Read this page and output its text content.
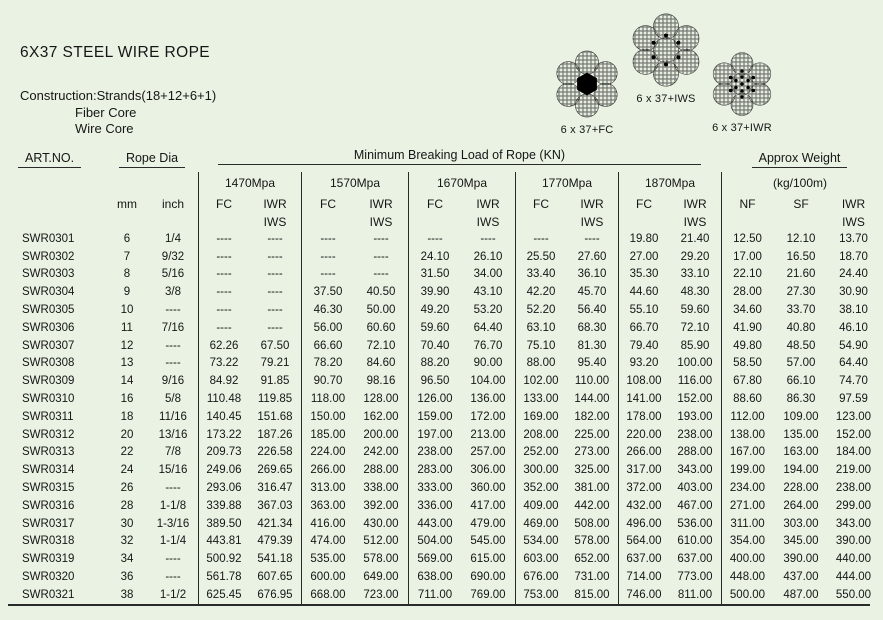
6X37 STEEL WIRE ROPE
Construction:Strands(18+12+6+1)
Fiber Core
Wire Core	6 x 37+FC
6 x 37+IWS
6 x 37+IWR
ART.NO.	Rope Dia	Minimum Breaking Load of Rope (KN)	Approx Weight
1470Mpa	1570Mpa	1670Mpa	1770Mpa	1870Mpa	(kg/100m)
mm	inch	FC	IWR	FC	IWR	FC	IWR	FC	IWR	FC	IWR	NF	SF	IWR
IWS	IWS	IWS	IWS	IWS	IWS
SWR0301	6	1/4	----	----	----	----	----	----	----	----	19.80	21.40	12.50	12.10	13.70
SWR0302	7	9/32	----	----	----	----	24.10	26.10	25.50	27.60	27.00	29.20	17.00	16.50	18.70
SWR0303	8	5/16	----	----	----	----	31.50	34.00	33.40	36.10	35.30	33.10	22.10	21.60	24.40
SWR0304	9	3/8	----	----	37.50	40.50	39.90	43.10	42.20	45.70	44.60	48.30	28.00	27.30	30.90
SWR0305	10	----	----	----	46.30	50.00	49.20	53.20	52.20	56.40	55.10	59.60	34.60	33.70	38.10
SWR0306	11	7/16	----	----	56.00	60.60	59.60	64.40	63.10	68.30	66.70	72.10	41.90	40.80	46.10
SWR0307	12	----	62.26	67.50	66.60	72.10	70.40	76.70	75.10	81.30	79.40	85.90	49.80	48.50	54.90
SWR0308	13	----	73.22	79.21	78.20	84.60	88.20	90.00	88.00	95.40	93.20	100.00	58.50	57.00	64.40
SWR0309	14	9/16	84.92	91.85	90.70	98.16	96.50	104.00	102.00	110.00	108.00	116.00	67.80	66.10	74.70
SWR0310	16	5/8	110.48	119.85	118.00	128.00	126.00	136.00	133.00	144.00	141.00	152.00	88.60	86.30	97.59
SWR0311	18	11/16	140.45	151.68	150.00	162.00	159.00	172.00	169.00	182.00	178.00	193.00	112.00	109.00	123.00
SWR0312	20	13/16	173.22	187.26	185.00	200.00	197.00	213.00	208.00	225.00	220.00	238.00	138.00	135.00	152.00
SWR0313	22	7/8	209.73	226.58	224.00	242.00	238.00	257.00	252.00	273.00	266.00	288.00	167.00	163.00	184.00
SWR0314	24	15/16	249.06	269.65	266.00	288.00	283.00	306.00	300.00	325.00	317.00	343.00	199.00	194.00	219.00
SWR0315	26	----	293.06	316.47	313.00	338.00	333.00	360.00	352.00	381.00	372.00	403.00	234.00	228.00	238.00
SWR0316	28	1-1/8	339.88	367.03	363.00	392.00	336.00	417.00	409.00	442.00	432.00	467.00	271.00	264.00	299.00
SWR0317	30	1-3/16	389.50	421.34	416.00	430.00	443.00	479.00	469.00	508.00	496.00	536.00	311.00	303.00	343.00
SWR0318	32	1-1/4	443.81	479.39	474.00	512.00	504.00	545.00	534.00	578.00	564.00	610.00	354.00	345.00	390.00
SWR0319	34	----	500.92	541.18	535.00	578.00	569.00	615.00	603.00	652.00	637.00	637.00	400.00	390.00	440.00
SWR0320	36	----	561.78	607.65	600.00	649.00	638.00	690.00	676.00	731.00	714.00	773.00	448.00	437.00	444.00
SWR0321	38	1-1/2	625.45	676.95	668.00	723.00	711.00	769.00	753.00	815.00	746.00	811.00	500.00	487.00	550.00
